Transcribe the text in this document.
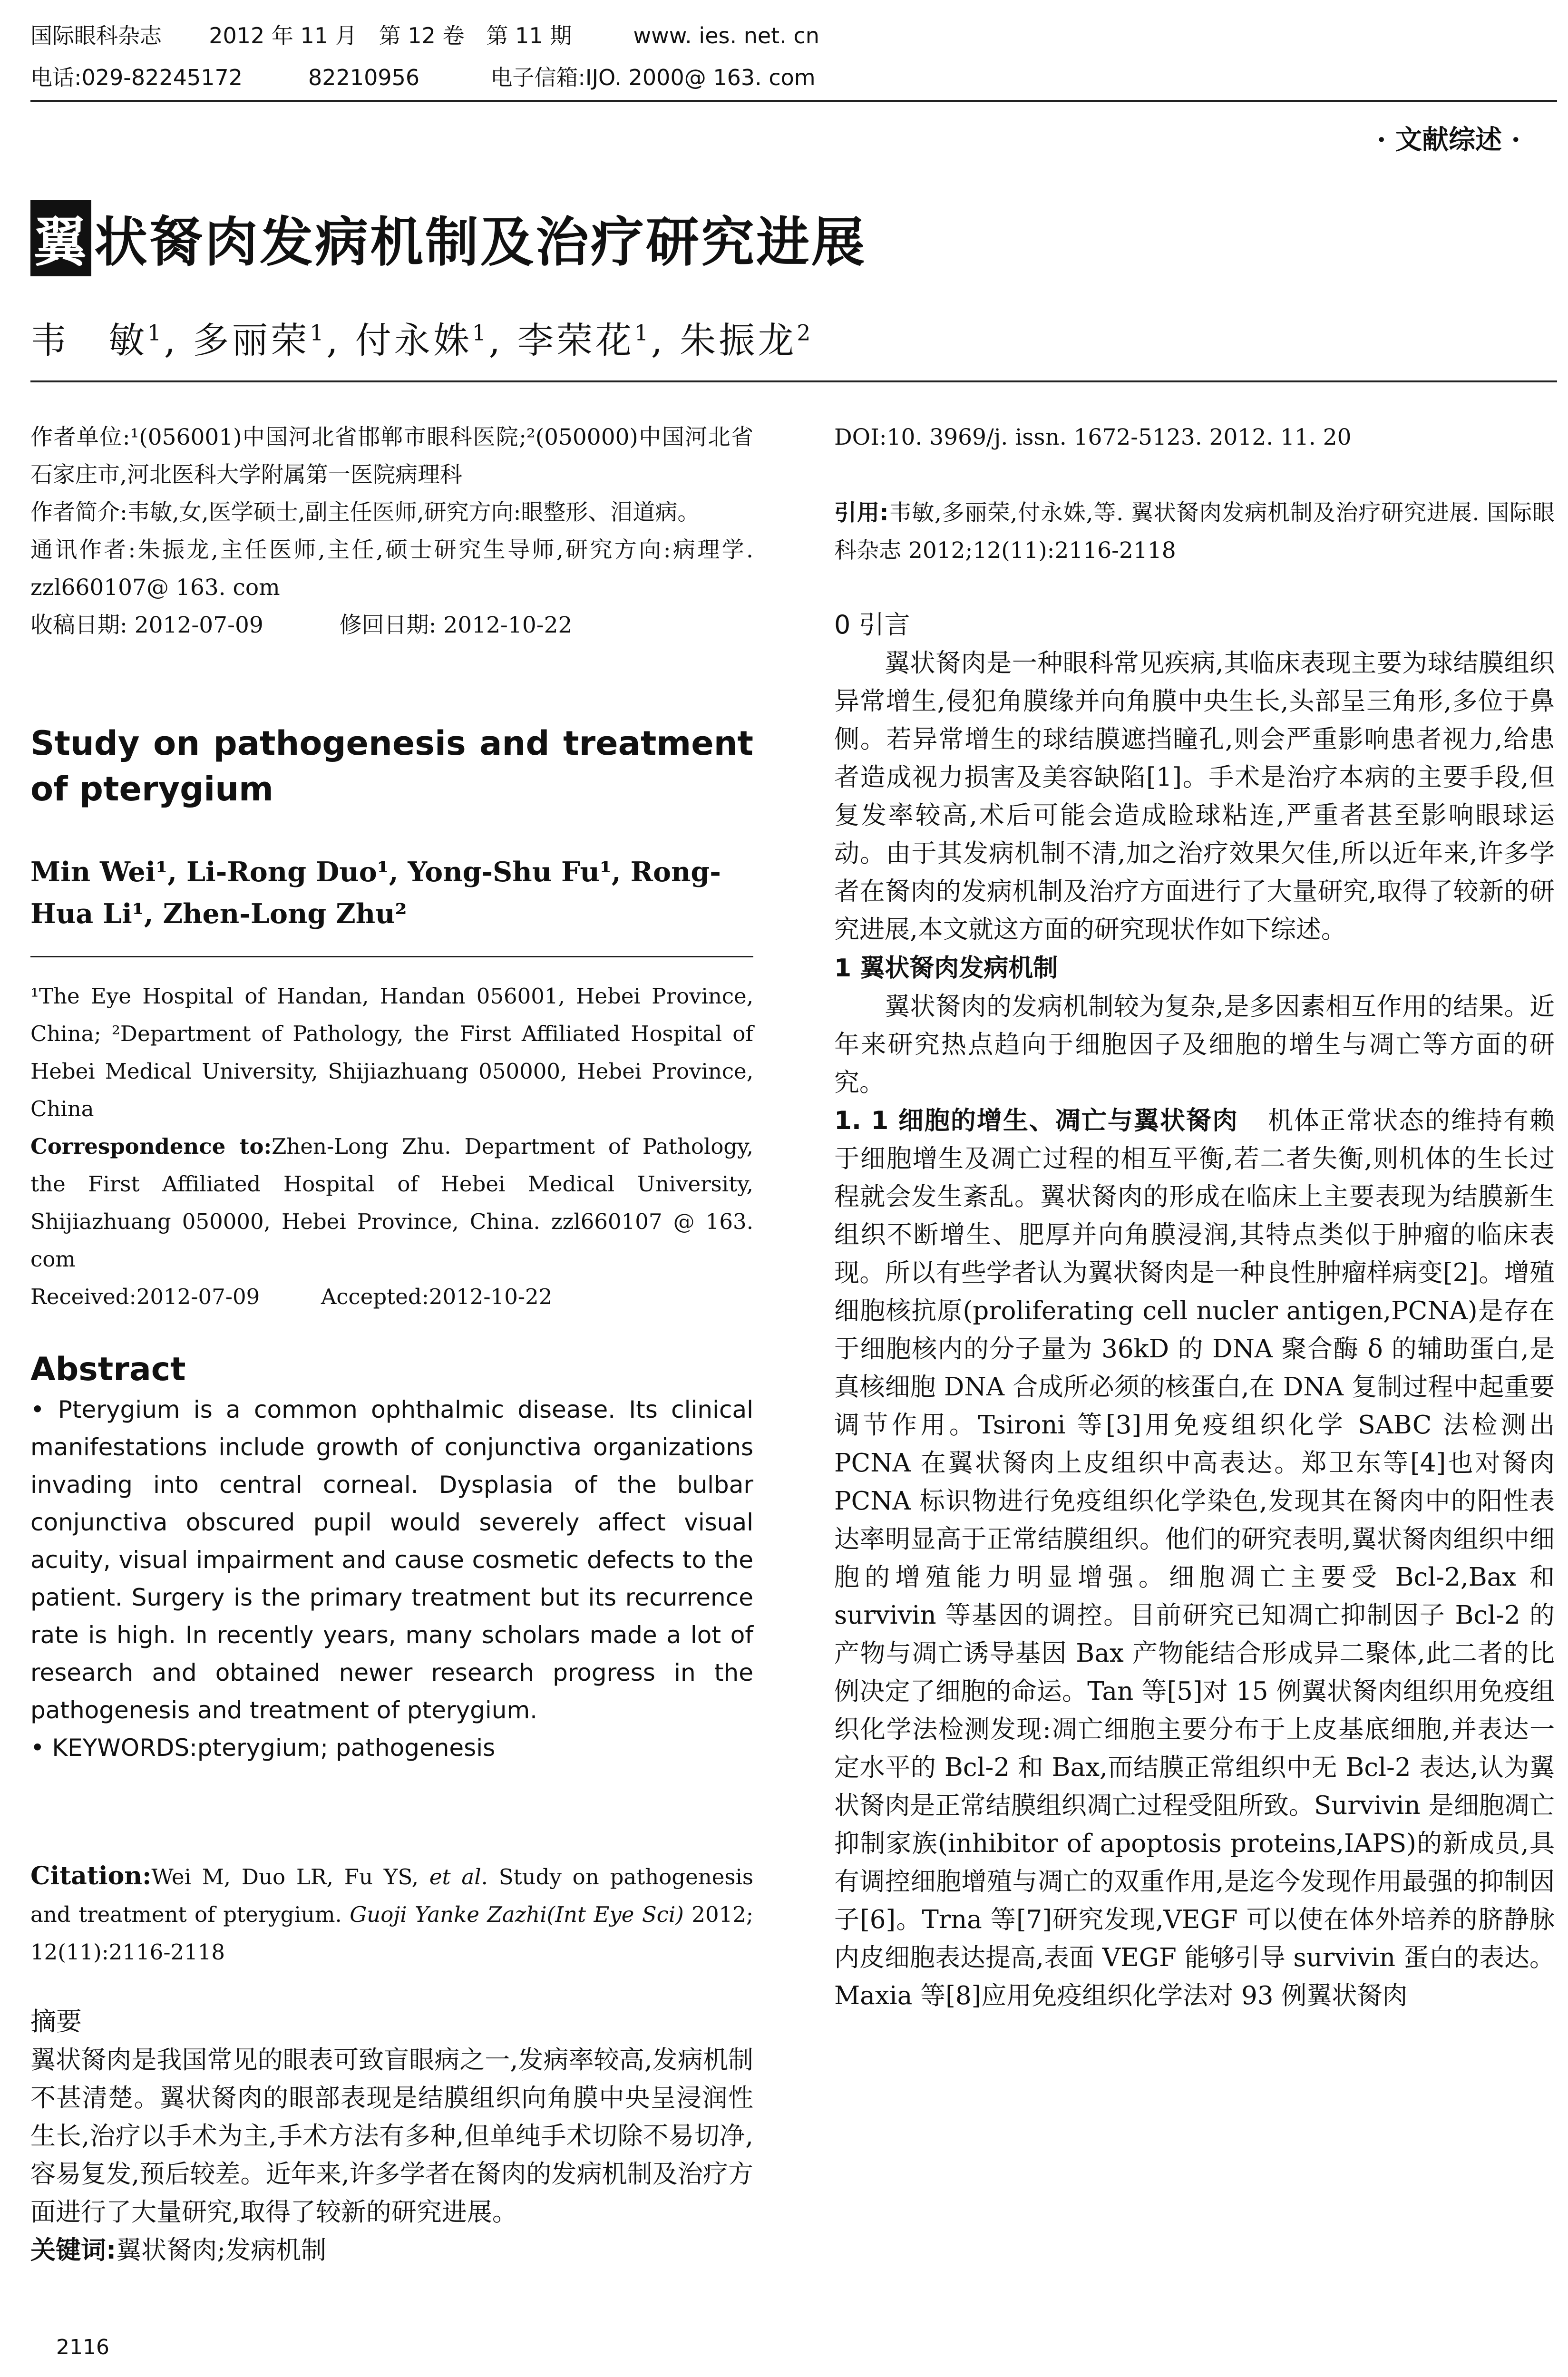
国际眼科杂志 2012 年 11 月　第 12 卷　第 11 期	www. ies. net. cn
电话:029-82245172　　　82210956	电子信箱:IJO. 2000@ 163. com
· 文献综述 ·
翼 状胬肉发病机制及治疗研究进展
韦　敏$^1$, 多丽荣$^1$, 付永姝$^1$, 李荣花$^1$, 朱振龙$^2$

作者单位:¹(056001)中国河北省邯郸市眼科医院;²(050000)中国河北省石家庄市,河北医科大学附属第一医院病理科

作者简介:韦敏,女,医学硕士,副主任医师,研究方向:眼整形、泪道病。

通讯作者:朱振龙,主任医师,主任,硕士研究生导师,研究方向:病理学. zzl660107@ 163. com

收稿日期: 2012-07-09	修回日期: 2012-10-22

Study on pathogenesis and treatment of pterygium

Min Wei¹, Li-Rong Duo¹, Yong-Shu Fu¹, Rong-Hua Li¹, Zhen-Long Zhu²

¹The Eye Hospital of Handan, Handan 056001, Hebei Province, China; ²Department of Pathology, the First Affiliated Hospital of Hebei Medical University, Shijiazhuang 050000, Hebei Province, China

Correspondence to:Zhen-Long Zhu. Department of Pathology, the First Affiliated Hospital of Hebei Medical University, Shijiazhuang 050000, Hebei Province, China. zzl660107 @ 163. com

Received:2012-07-09	Accepted:2012-10-22

Abstract

• Pterygium is a common ophthalmic disease. Its clinical manifestations include growth of conjunctiva organizations invading into central corneal. Dysplasia of the bulbar conjunctiva obscured pupil would severely affect visual acuity, visual impairment and cause cosmetic defects to the patient. Surgery is the primary treatment but its recurrence rate is high. In recently years, many scholars made a lot of research and obtained newer research progress in the pathogenesis and treatment of pterygium.

• KEYWORDS:pterygium; pathogenesis

Citation:Wei M, Duo LR, Fu YS, et al. Study on pathogenesis and treatment of pterygium. Guoji Yanke Zazhi(Int Eye Sci) 2012; 12(11):2116-2118

摘要

翼状胬肉是我国常见的眼表可致盲眼病之一,发病率较高,发病机制不甚清楚。翼状胬肉的眼部表现是结膜组织向角膜中央呈浸润性生长,治疗以手术为主,手术方法有多种,但单纯手术切除不易切净,容易复发,预后较差。近年来,许多学者在胬肉的发病机制及治疗方面进行了大量研究,取得了较新的研究进展。

关键词:翼状胬肉;发病机制

2116

DOI:10. 3969/j. issn. 1672-5123. 2012. 11. 20

引用:韦敏,多丽荣,付永姝,等. 翼状胬肉发病机制及治疗研究进展. 国际眼科杂志 2012;12(11):2116-2118

0 引言

翼状胬肉是一种眼科常见疾病,其临床表现主要为球结膜组织异常增生,侵犯角膜缘并向角膜中央生长,头部呈三角形,多位于鼻侧。若异常增生的球结膜遮挡瞳孔,则会严重影响患者视力,给患者造成视力损害及美容缺陷[1]。手术是治疗本病的主要手段,但复发率较高,术后可能会造成睑球粘连,严重者甚至影响眼球运动。由于其发病机制不清,加之治疗效果欠佳,所以近年来,许多学者在胬肉的发病机制及治疗方面进行了大量研究,取得了较新的研究进展,本文就这方面的研究现状作如下综述。

1 翼状胬肉发病机制

翼状胬肉的发病机制较为复杂,是多因素相互作用的结果。近年来研究热点趋向于细胞因子及细胞的增生与凋亡等方面的研究。

1. 1 细胞的增生、凋亡与翼状胬肉 机体正常状态的维持有赖于细胞增生及凋亡过程的相互平衡,若二者失衡,则机体的生长过程就会发生紊乱。翼状胬肉的形成在临床上主要表现为结膜新生组织不断增生、肥厚并向角膜浸润,其特点类似于肿瘤的临床表现。所以有些学者认为翼状胬肉是一种良性肿瘤样病变[2]。增殖细胞核抗原(proliferating cell nucler antigen,PCNA)是存在于细胞核内的分子量为 36kD 的 DNA 聚合酶 δ 的辅助蛋白,是真核细胞 DNA 合成所必须的核蛋白,在 DNA 复制过程中起重要调节作用。Tsironi 等[3]用免疫组织化学 SABC 法检测出 PCNA 在翼状胬肉上皮组织中高表达。郑卫东等[4]也对胬肉 PCNA 标识物进行免疫组织化学染色,发现其在胬肉中的阳性表达率明显高于正常结膜组织。他们的研究表明,翼状胬肉组织中细胞的增殖能力明显增强。细胞凋亡主要受 Bcl-2,Bax 和 survivin 等基因的调控。目前研究已知凋亡抑制因子 Bcl-2 的产物与凋亡诱导基因 Bax 产物能结合形成异二聚体,此二者的比例决定了细胞的命运。Tan 等[5]对 15 例翼状胬肉组织用免疫组织化学法检测发现:凋亡细胞主要分布于上皮基底细胞,并表达一定水平的 Bcl-2 和 Bax,而结膜正常组织中无 Bcl-2 表达,认为翼状胬肉是正常结膜组织凋亡过程受阻所致。Survivin 是细胞凋亡抑制家族(inhibitor of apoptosis proteins,IAPS)的新成员,具有调控细胞增殖与凋亡的双重作用,是迄今发现作用最强的抑制因子[6]。Trna 等[7]研究发现,VEGF 可以使在体外培养的脐静脉内皮细胞表达提高,表面 VEGF 能够引导 survivin 蛋白的表达。Maxia 等[8]应用免疫组织化学法对 93 例翼状胬肉
